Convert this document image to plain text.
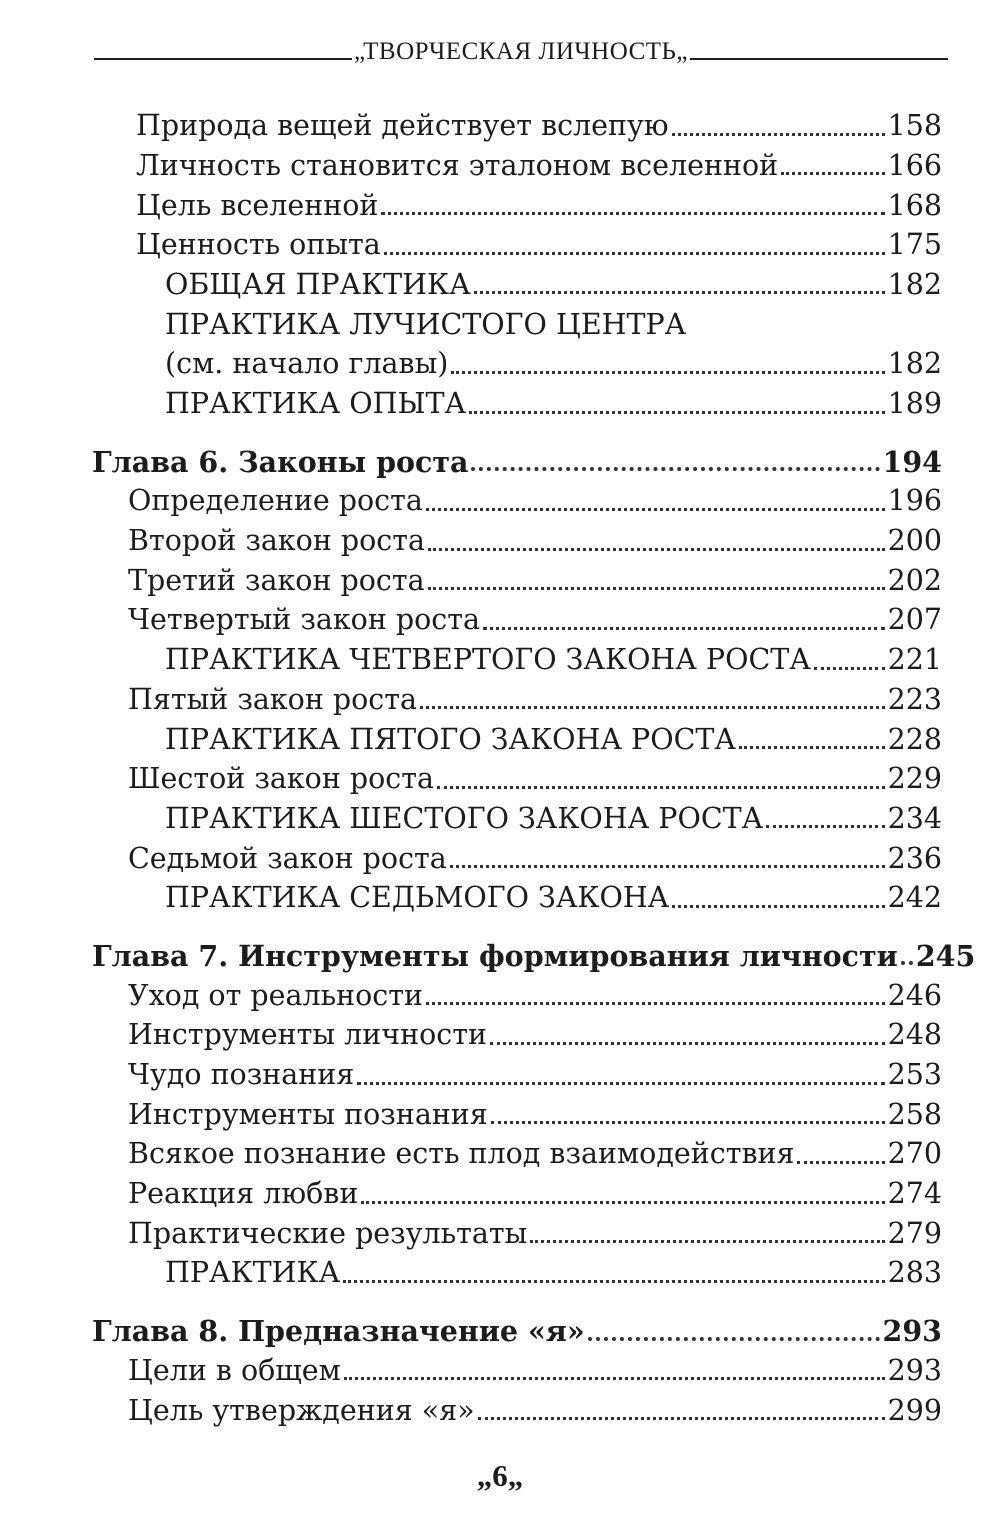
„ТВОРЧЕСКАЯ ЛИЧНОСТЬ„
Природа вещей действует вслепую	158
Личность становится эталоном вселенной	166
Цель вселенной	168
Ценность опыта	175
ОБЩАЯ ПРАКТИКА	182
ПРАКТИКА ЛУЧИСТОГО ЦЕНТРА
(см. начало главы)	182
ПРАКТИКА ОПЫТА	189
Глава 6. Законы роста	194
Определение роста	196
Второй закон роста	200
Третий закон роста	202
Четвертый закон роста	207
ПРАКТИКА ЧЕТВЕРТОГО ЗАКОНА РОСТА	221
Пятый закон роста	223
ПРАКТИКА ПЯТОГО ЗАКОНА РОСТА	228
Шестой закон роста	229
ПРАКТИКА ШЕСТОГО ЗАКОНА РОСТА	234
Седьмой закон роста	236
ПРАКТИКА СЕДЬМОГО ЗАКОНА	242
Глава 7. Инструменты формирования личности 245
Уход от реальности	246
Инструменты личности	248
Чудо познания	253
Инструменты познания	258
Всякое познание есть плод взаимодействия	270
Реакция любви	274
Практические результаты	279
ПРАКТИКА	283
Глава 8. Предназначение «я»	293
Цели в общем	293
Цель утверждения «я»	299
„6„
